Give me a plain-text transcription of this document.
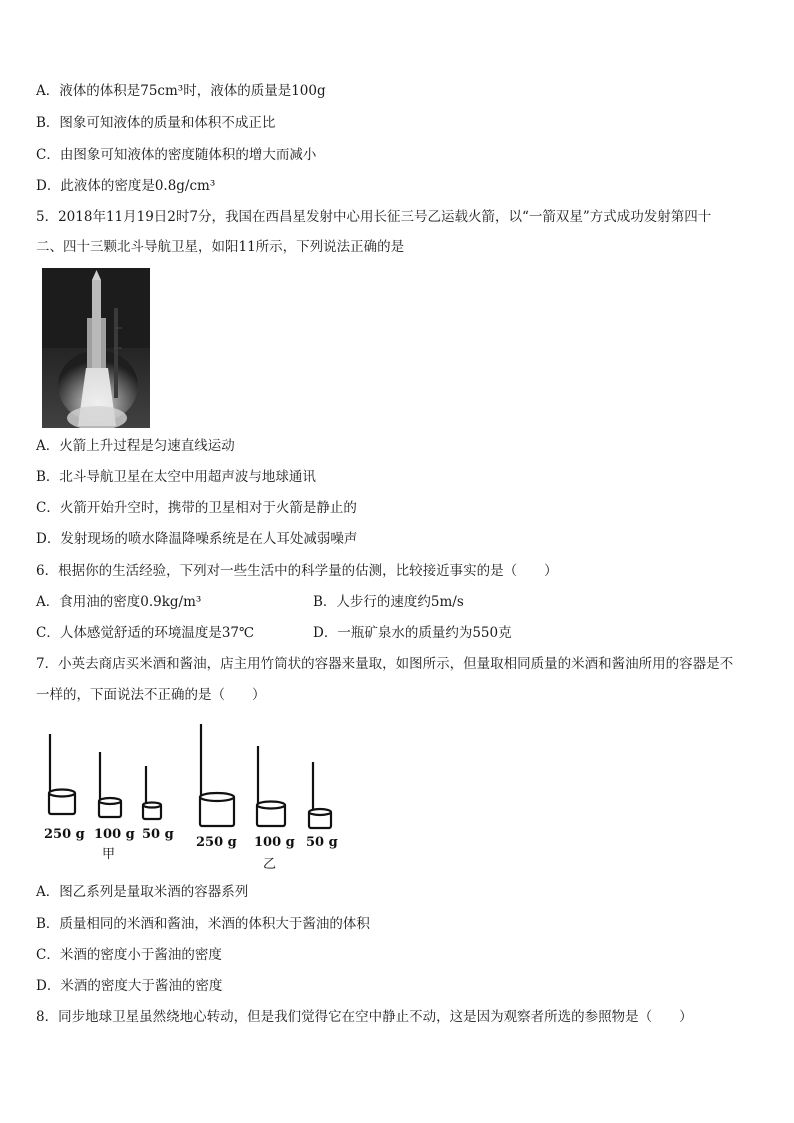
A．液体的体积是75cm³时，液体的质量是100g
B．图象可知液体的质量和体积不成正比
C．由图象可知液体的密度随体积的增大而减小
D．此液体的密度是0.8g/cm³
5．2018年11月19日2时7分，我国在西昌星发射中心用长征三号乙运载火箭，以“一箭双星”方式成功发射第四十
二、四十三颗北斗导航卫星，如阳11所示，下列说法正确的是
A．火箭上升过程是匀速直线运动
B．北斗导航卫星在太空中用超声波与地球通讯
C．火箭开始升空时，携带的卫星相对于火箭是静止的
D．发射现场的喷水降温降噪系统是在人耳处减弱噪声
6．根据你的生活经验，下列对一些生活中的科学量的估测，比较接近事实的是（　　）
A．食用油的密度0.9kg/m³	B．人步行的速度约5m/s
C．人体感觉舒适的环境温度是37℃	D．一瓶矿泉水的质量约为550克
7．小英去商店买米酒和酱油，店主用竹筒状的容器来量取，如图所示，但量取相同质量的米酒和酱油所用的容器是不
一样的，下面说法不正确的是（　　）
250 g 100 g 50 g
甲
250 g 100 g 50 g
乙
A．图乙系列是量取米酒的容器系列
B．质量相同的米酒和酱油，米酒的体积大于酱油的体积
C．米酒的密度小于酱油的密度
D．米酒的密度大于酱油的密度
8．同步地球卫星虽然绕地心转动，但是我们觉得它在空中静止不动，这是因为观察者所选的参照物是（　　）
